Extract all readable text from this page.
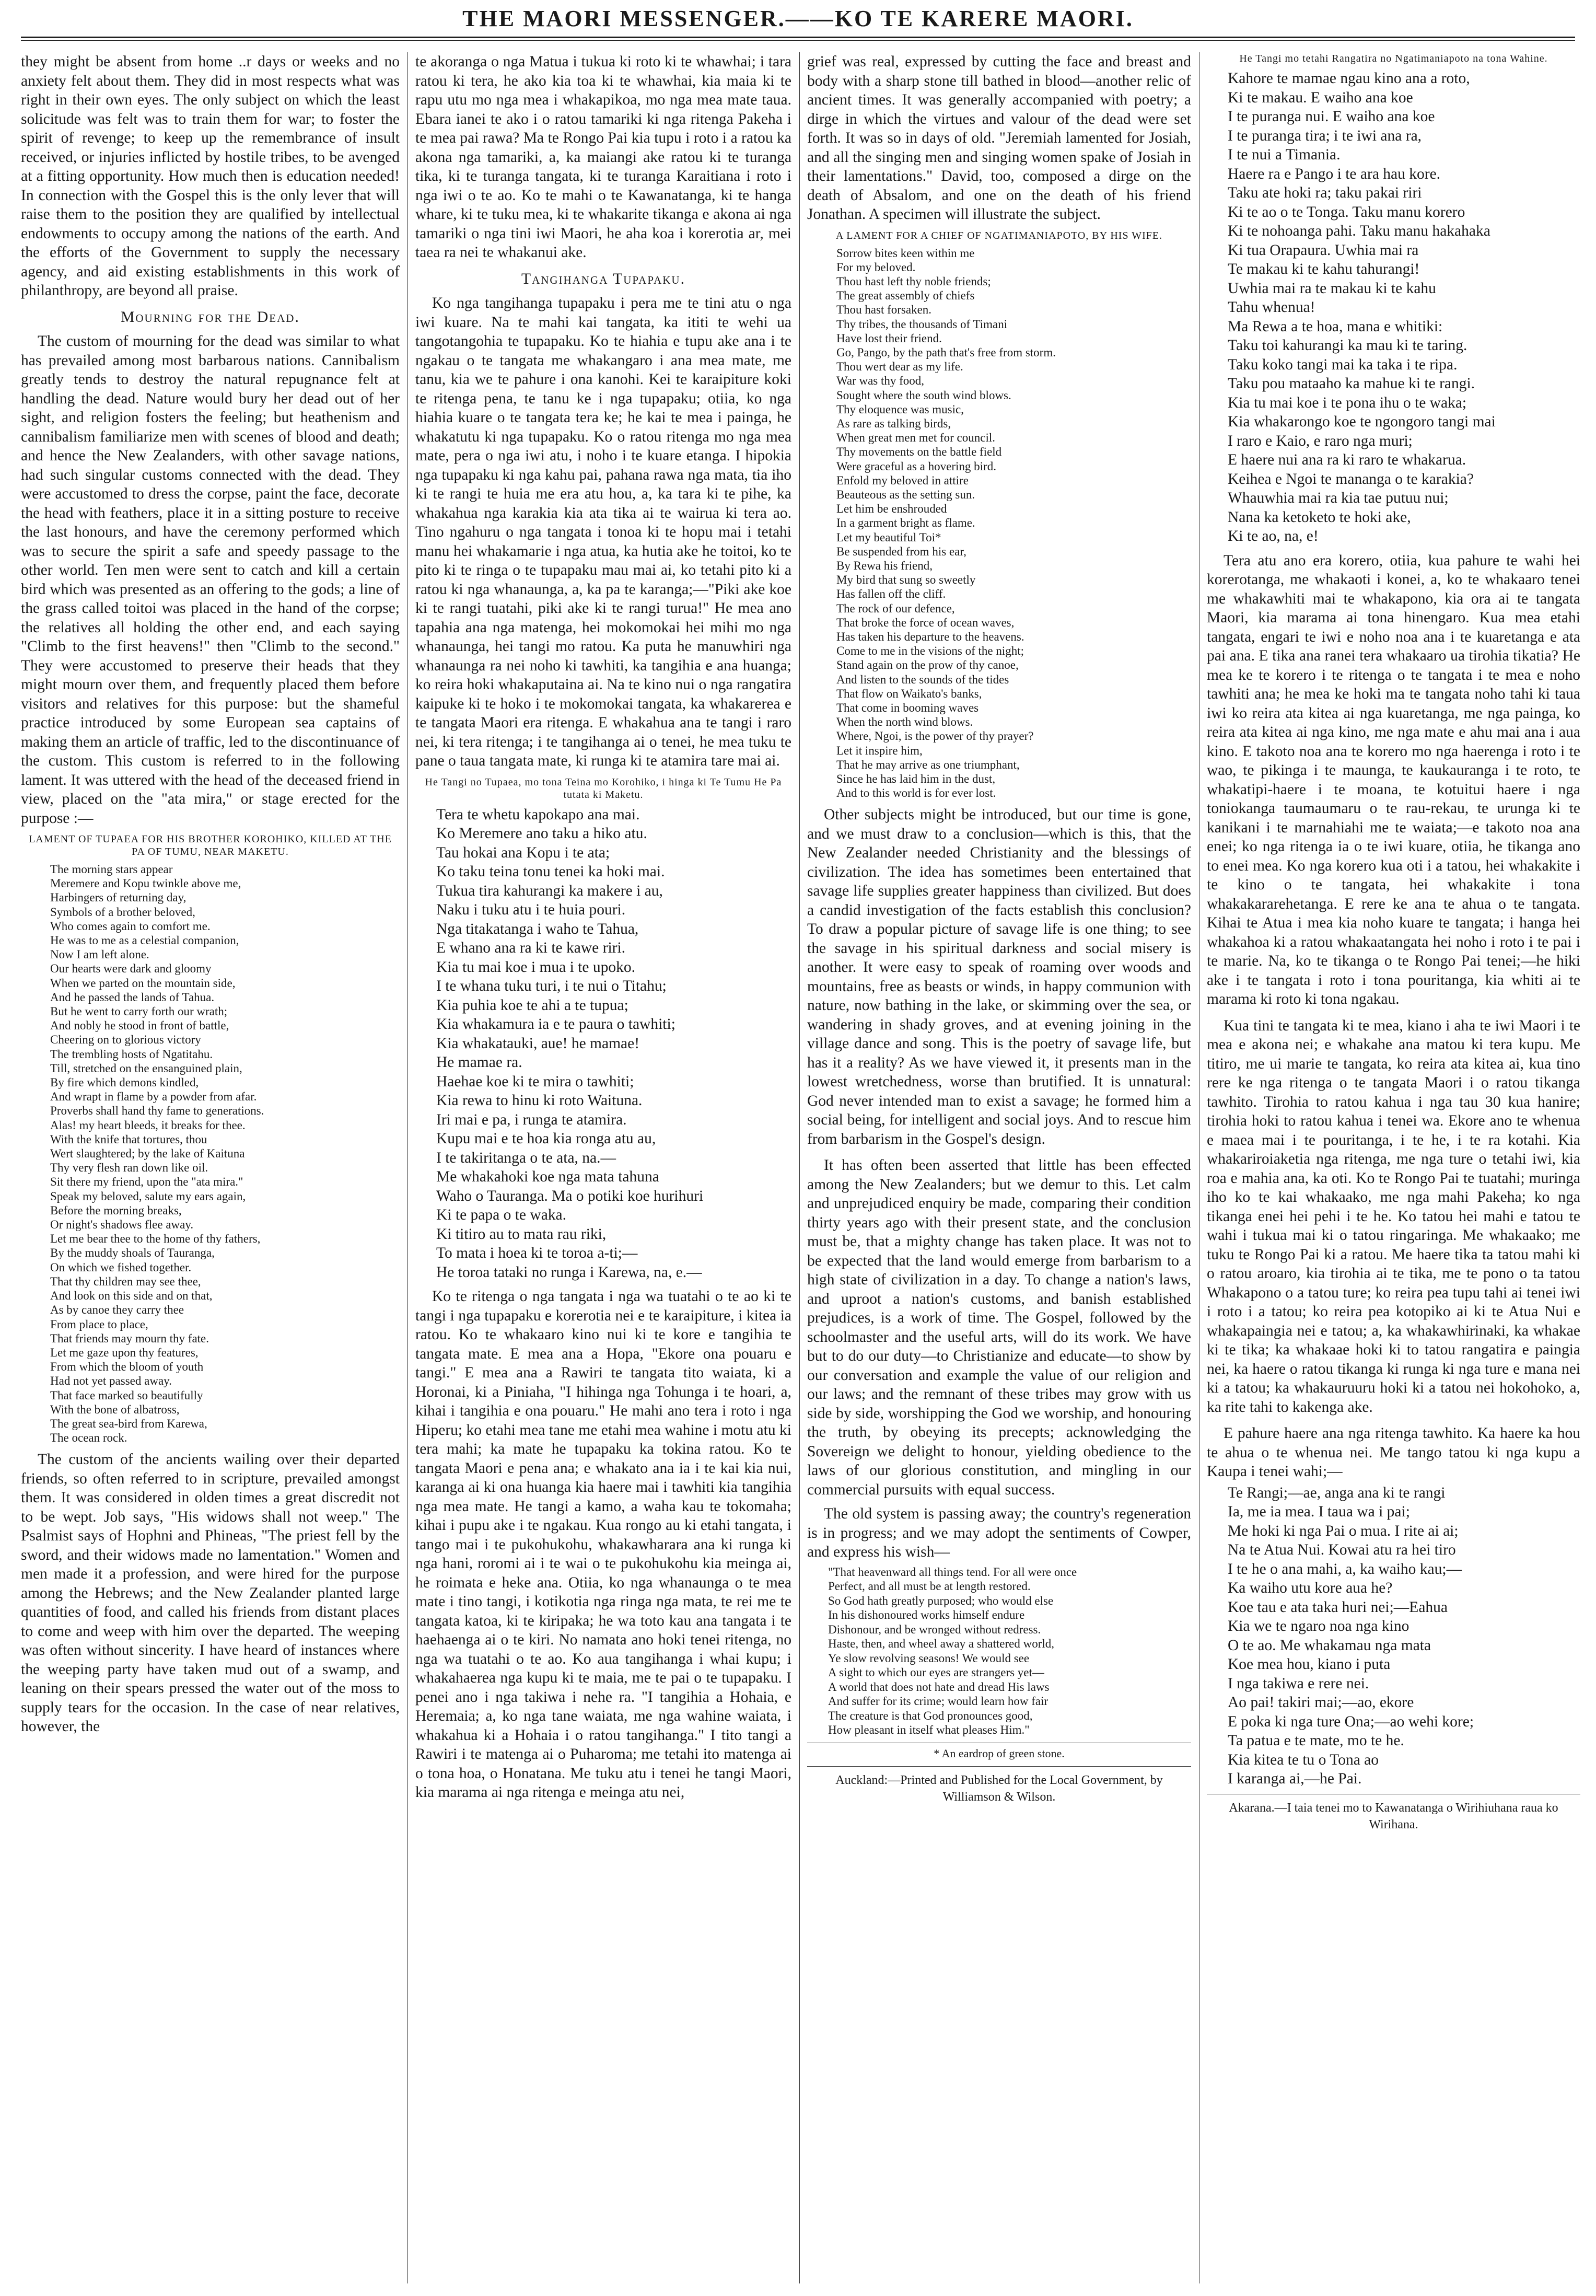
THE MAORI MESSENGER.——KO TE KARERE MAORI.

they might be absent from home ..r days or weeks and no anxiety felt about them. They did in most respects what was right in their own eyes. The only subject on which the least solicitude was felt was to train them for war; to foster the spirit of revenge; to keep up the remembrance of insult received, or injuries inflicted by hostile tribes, to be avenged at a fitting opportunity. How much then is education needed! In connection with the Gospel this is the only lever that will raise them to the position they are qualified by intellectual endowments to occupy among the nations of the earth. And the efforts of the Government to supply the necessary agency, and aid existing establishments in this work of philanthropy, are beyond all praise.

Mourning for the Dead.

The custom of mourning for the dead was similar to what has prevailed among most barbarous nations. Cannibalism greatly tends to destroy the natural repugnance felt at handling the dead. Nature would bury her dead out of her sight, and religion fosters the feeling; but heathenism and cannibalism familiarize men with scenes of blood and death; and hence the New Zealanders, with other savage nations, had such singular customs connected with the dead. They were accustomed to dress the corpse, paint the face, decorate the head with feathers, place it in a sitting posture to receive the last honours, and have the ceremony performed which was to secure the spirit a safe and speedy passage to the other world. Ten men were sent to catch and kill a certain bird which was presented as an offering to the gods; a line of the grass called toitoi was placed in the hand of the corpse; the relatives all holding the other end, and each saying "Climb to the first heavens!" then "Climb to the second." They were accustomed to preserve their heads that they might mourn over them, and frequently placed them before visitors and relatives for this purpose: but the shameful practice introduced by some European sea captains of making them an article of traffic, led to the discontinuance of the custom. This custom is referred to in the following lament. It was uttered with the head of the deceased friend in view, placed on the "ata mira," or stage erected for the purpose :—

LAMENT OF TUPAEA FOR HIS BROTHER KOROHIKO, KILLED AT THE PA OF TUMU, NEAR MAKETU.
The morning stars appear
Meremere and Kopu twinkle above me,
Harbingers of returning day,
Symbols of a brother beloved,
Who comes again to comfort me.
He was to me as a celestial companion,
Now I am left alone.
Our hearts were dark and gloomy
When we parted on the mountain side,
And he passed the lands of Tahua.
But he went to carry forth our wrath;
And nobly he stood in front of battle,
Cheering on to glorious victory
The trembling hosts of Ngatitahu.
Till, stretched on the ensanguined plain,
By fire which demons kindled,
And wrapt in flame by a powder from afar.
Proverbs shall hand thy fame to generations.
Alas! my heart bleeds, it breaks for thee.
With the knife that tortures, thou
Wert slaughtered; by the lake of Kaituna
Thy very flesh ran down like oil.
Sit there my friend, upon the "ata mira."
Speak my beloved, salute my ears again,
Before the morning breaks,
Or night's shadows flee away.
Let me bear thee to the home of thy fathers,
By the muddy shoals of Tauranga,
On which we fished together.
That thy children may see thee,
And look on this side and on that,
As by canoe they carry thee
From place to place,
That friends may mourn thy fate.
Let me gaze upon thy features,
From which the bloom of youth
Had not yet passed away.
That face marked so beautifully
With the bone of albatross,
The great sea-bird from Karewa,
The ocean rock.

The custom of the ancients wailing over their departed friends, so often referred to in scripture, prevailed amongst them. It was considered in olden times a great discredit not to be wept. Job says, "His widows shall not weep." The Psalmist says of Hophni and Phineas, "The priest fell by the sword, and their widows made no lamentation." Women and men made it a profession, and were hired for the purpose among the Hebrews; and the New Zealander planted large quantities of food, and called his friends from distant places to come and weep with him over the departed. The weeping was often without sincerity. I have heard of instances where the weeping party have taken mud out of a swamp, and leaning on their spears pressed the water out of the moss to supply tears for the occasion. In the case of near relatives, however, the

te akoranga o nga Matua i tukua ki roto ki te whawhai; i tara ratou ki tera, he ako kia toa ki te whawhai, kia maia ki te rapu utu mo nga mea i whakapikoa, mo nga mea mate taua. Ebara ianei te ako i o ratou tamariki ki nga ritenga Pakeha i te mea pai rawa? Ma te Rongo Pai kia tupu i roto i a ratou ka akona nga tamariki, a, ka maiangi ake ratou ki te turanga tika, ki te turanga tangata, ki te turanga Karaitiana i roto i nga iwi o te ao. Ko te mahi o te Kawanatanga, ki te hanga whare, ki te tuku mea, ki te whakarite tikanga e akona ai nga tamariki o nga tini iwi Maori, he aha koa i korerotia ar, mei taea ra nei te whakanui ake.

Tangihanga Tupapaku.

Ko nga tangihanga tupapaku i pera me te tini atu o nga iwi kuare. Na te mahi kai tangata, ka ititi te wehi ua tangotangohia te tupapaku. Ko te hiahia e tupu ake ana i te ngakau o te tangata me whakangaro i ana mea mate, me tanu, kia we te pahure i ona kanohi. Kei te karaipiture koki te ritenga pena, te tanu ke i nga tupapaku; otiia, ko nga hiahia kuare o te tangata tera ke; he kai te mea i painga, he whakatutu ki nga tupapaku. Ko o ratou ritenga mo nga mea mate, pera o nga iwi atu, i noho i te kuare etanga. I hipokia nga tupapaku ki nga kahu pai, pahana rawa nga mata, tia iho ki te rangi te huia me era atu hou, a, ka tara ki te pihe, ka whakahua nga karakia kia ata tika ai te wairua ki tera ao. Tino ngahuru o nga tangata i tonoa ki te hopu mai i tetahi manu hei whakamarie i nga atua, ka hutia ake he toitoi, ko te pito ki te ringa o te tupapaku mau mai ai, ko tetahi pito ki a ratou ki nga whanaunga, a, ka pa te karanga;—"Piki ake koe ki te rangi tuatahi, piki ake ki te rangi turua!" He mea ano tapahia ana nga matenga, hei mokomokai hei mihi mo nga whanaunga, hei tangi mo ratou. Ka puta he manuwhiri nga whanaunga ra nei noho ki tawhiti, ka tangihia e ana huanga; ko reira hoki whakaputaina ai. Na te kino nui o nga rangatira kaipuke ki te hoko i te mokomokai tangata, ka whakarerea e te tangata Maori era ritenga. E whakahua ana te tangi i raro nei, ki tera ritenga; i te tangihanga ai o tenei, he mea tuku te pane o taua tangata mate, ki runga ki te atamira tare mai ai.

He Tangi no Tupaea, mo tona Teina mo Korohiko, i hinga ki Te Tumu He Pa tutata ki Maketu.
Tera te whetu kapokapo ana mai.
Ko Meremere ano taku a hiko atu.
Tau hokai ana Kopu i te ata;
Ko taku teina tonu tenei ka hoki mai.
Tukua tira kahurangi ka makere i au,
Naku i tuku atu i te huia pouri.
Nga titakatanga i waho te Tahua,
E whano ana ra ki te kawe riri.
Kia tu mai koe i mua i te upoko.
I te whana tuku turi, i te nui o Titahu;
Kia puhia koe te ahi a te tupua;
Kia whakamura ia e te paura o tawhiti;
Kia whakatauki, aue! he mamae!
He mamae ra.
Haehae koe ki te mira o tawhiti;
Kia rewa to hinu ki roto Waituna.
Iri mai e pa, i runga te atamira.
Kupu mai e te hoa kia ronga atu au,
I te takiritanga o te ata, na.—
Me whakahoki koe nga mata tahuna
Waho o Tauranga. Ma o potiki koe hurihuri
Ki te papa o te waka.
Ki titiro au to mata rau riki,
To mata i hoea ki te toroa a-ti;—
He toroa tataki no runga i Karewa, na, e.—

Ko te ritenga o nga tangata i nga wa tuatahi o te ao ki te tangi i nga tupapaku e korerotia nei e te karaipiture, i kitea ia ratou. Ko te whakaaro kino nui ki te kore e tangihia te tangata mate. E mea ana a Hopa, "Ekore ona pouaru e tangi." E mea ana a Rawiri te tangata tito waiata, ki a Horonai, ki a Piniaha, "I hihinga nga Tohunga i te hoari, a, kihai i tangihia e ona pouaru." He mahi ano tera i roto i nga Hiperu; ko etahi mea tane me etahi mea wahine i motu atu ki tera mahi; ka mate he tupapaku ka tokina ratou. Ko te tangata Maori e pena ana; e whakato ana ia i te kai kia nui, karanga ai ki ona huanga kia haere mai i tawhiti kia tangihia nga mea mate. He tangi a kamo, a waha kau te tokomaha; kihai i pupu ake i te ngakau. Kua rongo au ki etahi tangata, i tango mai i te pukohukohu, whakawharara ana ki runga ki nga hani, roromi ai i te wai o te pukohukohu kia meinga ai, he roimata e heke ana. Otiia, ko nga whanaunga o te mea mate i tino tangi, i kotikotia nga ringa nga mata, te rei me te tangata katoa, ki te kiripaka; he wa toto kau ana tangata i te haehaenga ai o te kiri. No namata ano hoki tenei ritenga, no nga wa tuatahi o te ao. Ko aua tangihanga i whai kupu; i whakahaerea nga kupu ki te maia, me te pai o te tupapaku. I penei ano i nga takiwa i nehe ra. "I tangihia a Hohaia, e Heremaia; a, ko nga tane waiata, me nga wahine waiata, i whakahua ki a Hohaia i o ratou tangihanga." I tito tangi a Rawiri i te matenga ai o Puharoma; me tetahi ito matenga ai o tona hoa, o Honatana. Me tuku atu i tenei he tangi Maori, kia marama ai nga ritenga e meinga atu nei,

grief was real, expressed by cutting the face and breast and body with a sharp stone till bathed in blood—another relic of ancient times. It was generally accompanied with poetry; a dirge in which the virtues and valour of the dead were set forth. It was so in days of old. "Jeremiah lamented for Josiah, and all the singing men and singing women spake of Josiah in their lamentations." David, too, composed a dirge on the death of Absalom, and one on the death of his friend Jonathan. A specimen will illustrate the subject.

A LAMENT FOR A CHIEF OF NGATIMANIAPOTO, BY HIS WIFE.
Sorrow bites keen within me
For my beloved.
Thou hast left thy noble friends;
The great assembly of chiefs
Thou hast forsaken.
Thy tribes, the thousands of Timani
Have lost their friend.
Go, Pango, by the path that's free from storm.
Thou wert dear as my life.
War was thy food,
Sought where the south wind blows.
Thy eloquence was music,
As rare as talking birds,
When great men met for council.
Thy movements on the battle field
Were graceful as a hovering bird.
Enfold my beloved in attire
Beauteous as the setting sun.
Let him be enshrouded
In a garment bright as flame.
Let my beautiful Toi*
Be suspended from his ear,
By Rewa his friend,
My bird that sung so sweetly
Has fallen off the cliff.
The rock of our defence,
That broke the force of ocean waves,
Has taken his departure to the heavens.
Come to me in the visions of the night;
Stand again on the prow of thy canoe,
And listen to the sounds of the tides
That flow on Waikato's banks,
That come in booming waves
When the north wind blows.
Where, Ngoi, is the power of thy prayer?
Let it inspire him,
That he may arrive as one triumphant,
Since he has laid him in the dust,
And to this world is for ever lost.

Other subjects might be introduced, but our time is gone, and we must draw to a conclusion—which is this, that the New Zealander needed Christianity and the blessings of civilization. The idea has sometimes been entertained that savage life supplies greater happiness than civilized. But does a candid investigation of the facts establish this conclusion? To draw a popular picture of savage life is one thing; to see the savage in his spiritual darkness and social misery is another. It were easy to speak of roaming over woods and mountains, free as beasts or winds, in happy communion with nature, now bathing in the lake, or skimming over the sea, or wandering in shady groves, and at evening joining in the village dance and song. This is the poetry of savage life, but has it a reality? As we have viewed it, it presents man in the lowest wretchedness, worse than brutified. It is unnatural: God never intended man to exist a savage; he formed him a social being, for intelligent and social joys. And to rescue him from barbarism in the Gospel's design.

It has often been asserted that little has been effected among the New Zealanders; but we demur to this. Let calm and unprejudiced enquiry be made, comparing their condition thirty years ago with their present state, and the conclusion must be, that a mighty change has taken place. It was not to be expected that the land would emerge from barbarism to a high state of civilization in a day. To change a nation's laws, and uproot a nation's customs, and banish established prejudices, is a work of time. The Gospel, followed by the schoolmaster and the useful arts, will do its work. We have but to do our duty—to Christianize and educate—to show by our conversation and example the value of our religion and our laws; and the remnant of these tribes may grow with us side by side, worshipping the God we worship, and honouring the truth, by obeying its precepts; acknowledging the Sovereign we delight to honour, yielding obedience to the laws of our glorious constitution, and mingling in our commercial pursuits with equal success.

The old system is passing away; the country's regeneration is in progress; and we may adopt the sentiments of Cowper, and express his wish—

"That heavenward all things tend. For all were once
Perfect, and all must be at length restored.
So God hath greatly purposed; who would else
In his dishonoured works himself endure
Dishonour, and be wronged without redress.
Haste, then, and wheel away a shattered world,
Ye slow revolving seasons! We would see
A sight to which our eyes are strangers yet—
A world that does not hate and dread His laws
And suffer for its crime; would learn how fair
The creature is that God pronounces good,
How pleasant in itself what pleases Him."
* An eardrop of green stone.
Auckland:—Printed and Published for the Local Government, by Williamson & Wilson.
He Tangi mo tetahi Rangatira no Ngatimaniapoto na tona Wahine.
Kahore te mamae ngau kino ana a roto,
Ki te makau. E waiho ana koe
I te puranga nui. E waiho ana koe
I te puranga tira; i te iwi ana ra,
I te nui a Timania.
Haere ra e Pango i te ara hau kore.
Taku ate hoki ra; taku pakai riri
Ki te ao o te Tonga. Taku manu korero
Ki te nohoanga pahi. Taku manu hakahaka
Ki tua Orapaura. Uwhia mai ra
Te makau ki te kahu tahurangi!
Uwhia mai ra te makau ki te kahu
Tahu whenua!
Ma Rewa a te hoa, mana e whitiki:
Taku toi kahurangi ka mau ki te taring.
Taku koko tangi mai ka taka i te ripa.
Taku pou mataaho ka mahue ki te rangi.
Kia tu mai koe i te pona ihu o te waka;
Kia whakarongo koe te ngongoro tangi mai
I raro e Kaio, e raro nga muri;
E haere nui ana ra ki raro te whakarua.
Keihea e Ngoi te mananga o te karakia?
Whauwhia mai ra kia tae putuu nui;
Nana ka ketoketo te hoki ake,
Ki te ao, na, e!

Tera atu ano era korero, otiia, kua pahure te wahi hei korerotanga, me whakaoti i konei, a, ko te whakaaro tenei me whakawhiti mai te whakapono, kia ora ai te tangata Maori, kia marama ai tona hinengaro. Kua mea etahi tangata, engari te iwi e noho noa ana i te kuaretanga e ata pai ana. E tika ana ranei tera whakaaro ua tirohia tikatia? He mea ke te korero i te ritenga o te tangata i te mea e noho tawhiti ana; he mea ke hoki ma te tangata noho tahi ki taua iwi ko reira ata kitea ai nga kuaretanga, me nga painga, ko reira ata kitea ai nga kino, me nga mate e ahu mai ana i aua kino. E takoto noa ana te korero mo nga haerenga i roto i te wao, te pikinga i te maunga, te kaukauranga i te roto, te whakatipi-haere i te moana, te kotuitui haere i nga toniokanga taumaumaru o te rau-rekau, te urunga ki te kanikani i te marnahiahi me te waiata;—e takoto noa ana enei; ko nga ritenga ia o te iwi kuare, otiia, he tikanga ano to enei mea. Ko nga korero kua oti i a tatou, hei whakakite i te kino o te tangata, hei whakakite i tona whakakararehetanga. E rere ke ana te ahua o te tangata. Kihai te Atua i mea kia noho kuare te tangata; i hanga hei whakahoa ki a ratou whakaatangata hei noho i roto i te pai i te marie. Na, ko te tikanga o te Rongo Pai tenei;—he hiki ake i te tangata i roto i tona pouritanga, kia whiti ai te marama ki roto ki tona ngakau.

Kua tini te tangata ki te mea, kiano i aha te iwi Maori i te mea e akona nei; e whakahe ana matou ki tera kupu. Me titiro, me ui marie te tangata, ko reira ata kitea ai, kua tino rere ke nga ritenga o te tangata Maori i o ratou tikanga tawhito. Tirohia to ratou kahua i nga tau 30 kua hanire; tirohia hoki to ratou kahua i tenei wa. Ekore ano te whenua e maea mai i te pouritanga, i te he, i te ra kotahi. Kia whakariroiaketia nga ritenga, me nga ture o tetahi iwi, kia roa e mahia ana, ka oti. Ko te Rongo Pai te tuatahi; muringa iho ko te kai whakaako, me nga mahi Pakeha; ko nga tikanga enei hei pehi i te he. Ko tatou hei mahi e tatou te wahi i tukua mai ki o tatou ringaringa. Me whakaako; me tuku te Rongo Pai ki a ratou. Me haere tika ta tatou mahi ki o ratou aroaro, kia tirohia ai te tika, me te pono o ta tatou Whakapono o a tatou ture; ko reira pea tupu tahi ai tenei iwi i roto i a tatou; ko reira pea kotopiko ai ki te Atua Nui e whakapaingia nei e tatou; a, ka whakawhirinaki, ka whakae ki te tika; ka whakaae hoki ki to tatou rangatira e paingia nei, ka haere o ratou tikanga ki runga ki nga ture e mana nei ki a tatou; ka whakauruuru hoki ki a tatou nei hokohoko, a, ka rite tahi to kakenga ake.

E pahure haere ana nga ritenga tawhito. Ka haere ka hou te ahua o te whenua nei. Me tango tatou ki nga kupu a Kaupa i tenei wahi;—

Te Rangi;—ae, anga ana ki te rangi
Ia, me ia mea. I taua wa i pai;
Me hoki ki nga Pai o mua. I rite ai ai;
Na te Atua Nui. Kowai atu ra hei tiro
I te he o ana mahi, a, ka waiho kau;—
Ka waiho utu kore aua he?
Koe tau e ata taka huri nei;—Eahua
Kia we te ngaro noa nga kino
O te ao. Me whakamau nga mata
Koe mea hou, kiano i puta
I nga takiwa e rere nei.
Ao pai! takiri mai;—ao, ekore
E poka ki nga ture Ona;—ao wehi kore;
Ta patua e te mate, mo te he.
Kia kitea te tu o Tona ao
I karanga ai,—he Pai.
Akarana.—I taia tenei mo to Kawanatanga o Wirihiuhana raua ko Wirihana.
